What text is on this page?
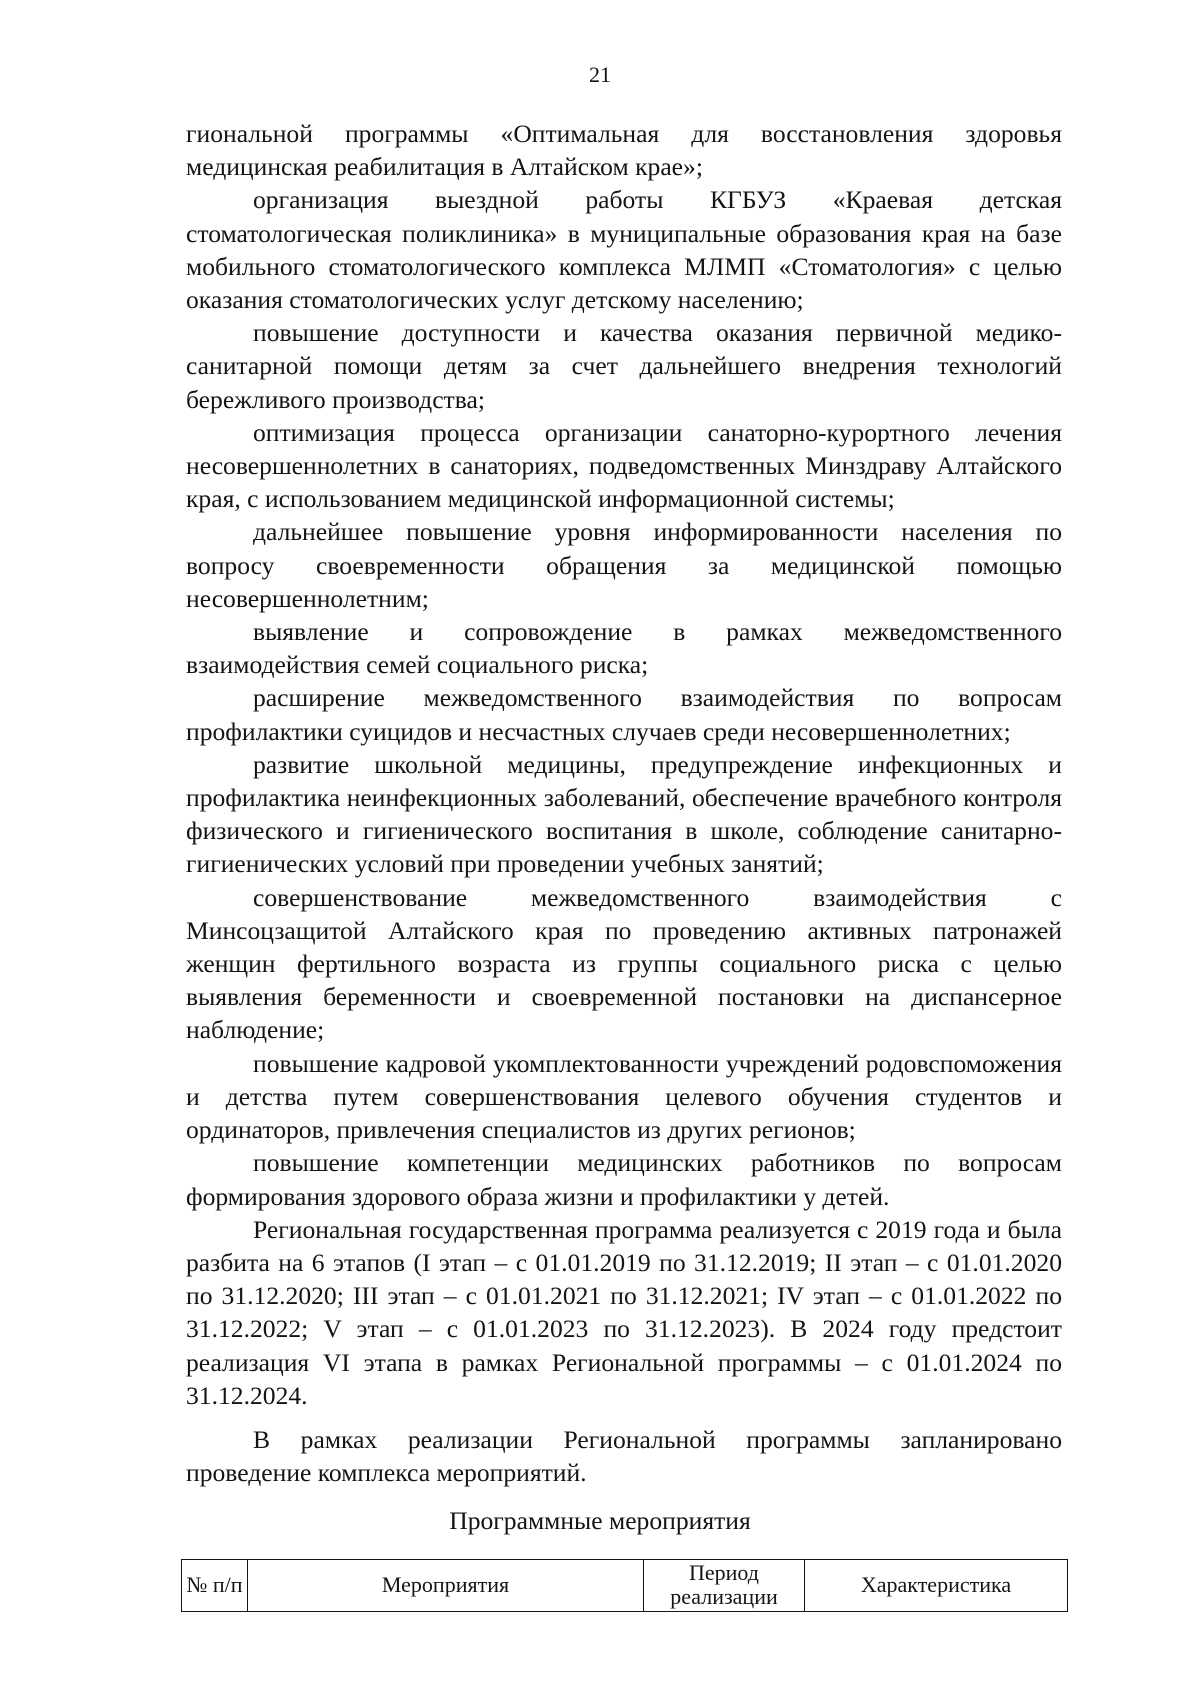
21

гиональной программы «Оптимальная для восстановления здоровья медицинская реабилитация в Алтайском крае»;

организация выездной работы КГБУЗ «Краевая детская стоматологическая поликлиника» в муниципальные образования края на базе мобильного стоматологического комплекса МЛМП «Стоматология» с целью оказания стоматологических услуг детскому населению;

повышение доступности и качества оказания первичной медико-санитарной помощи детям за счет дальнейшего внедрения технологий бережливого производства;

оптимизация процесса организации санаторно-курортного лечения несовершеннолетних в санаториях, подведомственных Минздраву Алтайского края, с использованием медицинской информационной системы;

дальнейшее повышение уровня информированности населения по вопросу своевременности обращения за медицинской помощью несовершеннолетним;

выявление и сопровождение в рамках межведомственного взаимодействия семей социального риска;

расширение межведомственного взаимодействия по вопросам профилактики суицидов и несчастных случаев среди несовершеннолетних;

развитие школьной медицины, предупреждение инфекционных и профилактика неинфекционных заболеваний, обеспечение врачебного контроля физического и гигиенического воспитания в школе, соблюдение санитарно-гигиенических условий при проведении учебных занятий;

совершенствование межведомственного взаимодействия с Минсоцзащитой Алтайского края по проведению активных патронажей женщин фертильного возраста из группы социального риска с целью выявления беременности и своевременной постановки на диспансерное наблюдение;

повышение кадровой укомплектованности учреждений родовспоможения и детства путем совершенствования целевого обучения студентов и ординаторов, привлечения специалистов из других регионов;

повышение компетенции медицинских работников по вопросам формирования здорового образа жизни и профилактики у детей.

Региональная государственная программа реализуется с 2019 года и была разбита на 6 этапов (I этап – с 01.01.2019 по 31.12.2019; II этап – с 01.01.2020 по 31.12.2020; III этап – с 01.01.2021 по 31.12.2021; IV этап – с 01.01.2022 по 31.12.2022; V этап – с 01.01.2023 по 31.12.2023). В 2024 году предстоит реализация VI этапа в рамках Региональной программы – с 01.01.2024 по 31.12.2024.

В рамках реализации Региональной программы запланировано проведение комплекса мероприятий.

Программные мероприятия
№ п/п	Мероприятия	Период реализации	Характеристика
